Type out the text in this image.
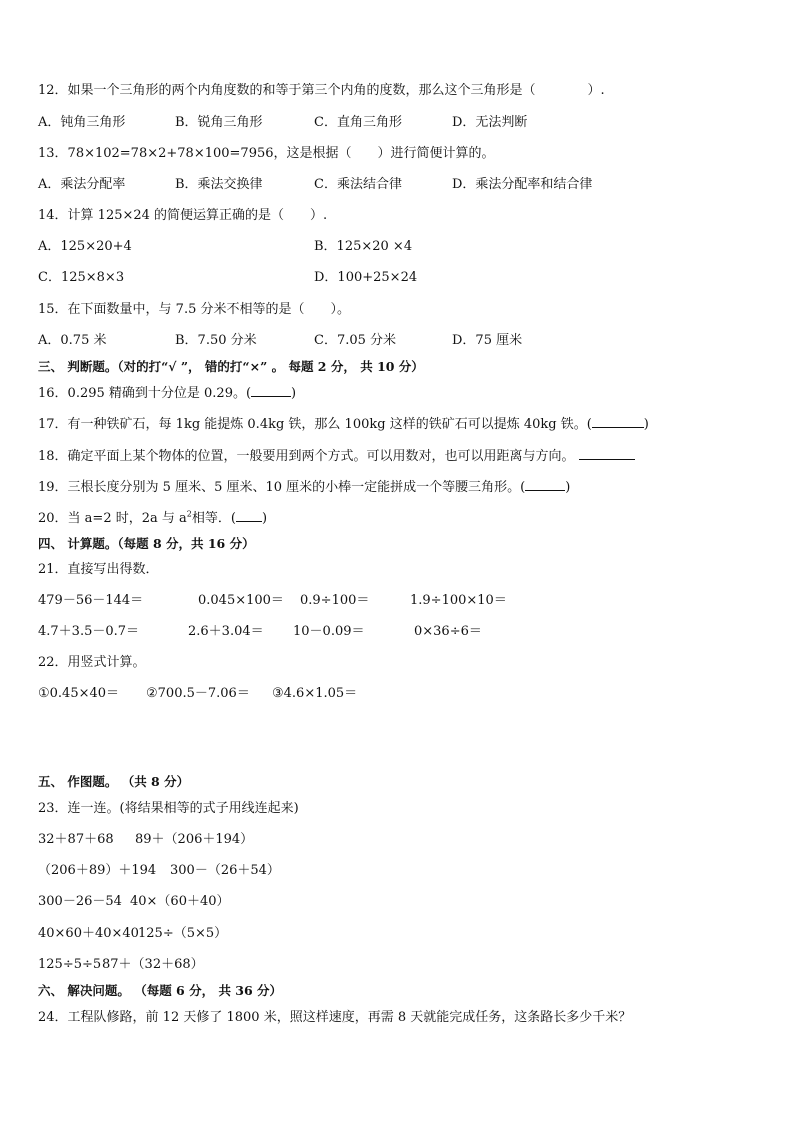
12．如果一个三角形的两个内角度数的和等于第三个内角的度数，那么这个三角形是（　　　　）.
A．钝角三角形	B．锐角三角形	C．直角三角形	D．无法判断
13．78×102=78×2+78×100=7956，这是根据（　　）进行简便计算的。
A．乘法分配率	B．乘法交换律	C．乘法结合律	D．乘法分配率和结合律
14．计算 125×24 的简便运算正确的是（　　）.
A．125×20+4	B．125×20 ×4
C．125×8×3	D．100+25×24
15．在下面数量中，与 7.5 分米不相等的是（　　）。
A．0.75 米	B．7.50 分米	C．7.05 分米	D．75 厘米
三、 判断题。（对的打“√ ”， 错的打“×” 。 每题 2 分， 共 10 分）
16．0.295 精确到十分位是 0.29。(	)
17．有一种铁矿石，每 1kg 能提炼 0.4kg 铁，那么 100kg 这样的铁矿石可以提炼 40kg 铁。(	)
18．确定平面上某个物体的位置，一般要用到两个方式。可以用数对，也可以用距离与方向。
19．三根长度分别为 5 厘米、5 厘米、10 厘米的小棒一定能拼成一个等腰三角形。(	)
20．当 a=2 时，2a 与 $a^2$相等．( )
四、 计算题。（每题 8 分，共 16 分）
21．直接写出得数．
479－56－144＝	0.045×100＝ 0.9÷100＝	1.9÷100×10＝
4.7＋3.5－0.7＝	2.6＋3.04＝ 10－0.09＝	0×36÷6＝
22．用竖式计算。
①0.45×40＝ ②700.5－7.06＝ ③4.6×1.05＝
五、 作图题。 （共 8 分）
23．连一连。(将结果相等的式子用线连起来)
32＋87＋68 89＋（206＋194）
（206＋89）＋194 300－（26＋54）
300－26－54 40×（60＋40）
40×60＋40×40 125÷（5×5）
125÷5÷5 87＋（32＋68）
六、 解决问题。 （每题 6 分， 共 36 分）
24．工程队修路，前 12 天修了 1800 米，照这样速度，再需 8 天就能完成任务，这条路长多少千米？
